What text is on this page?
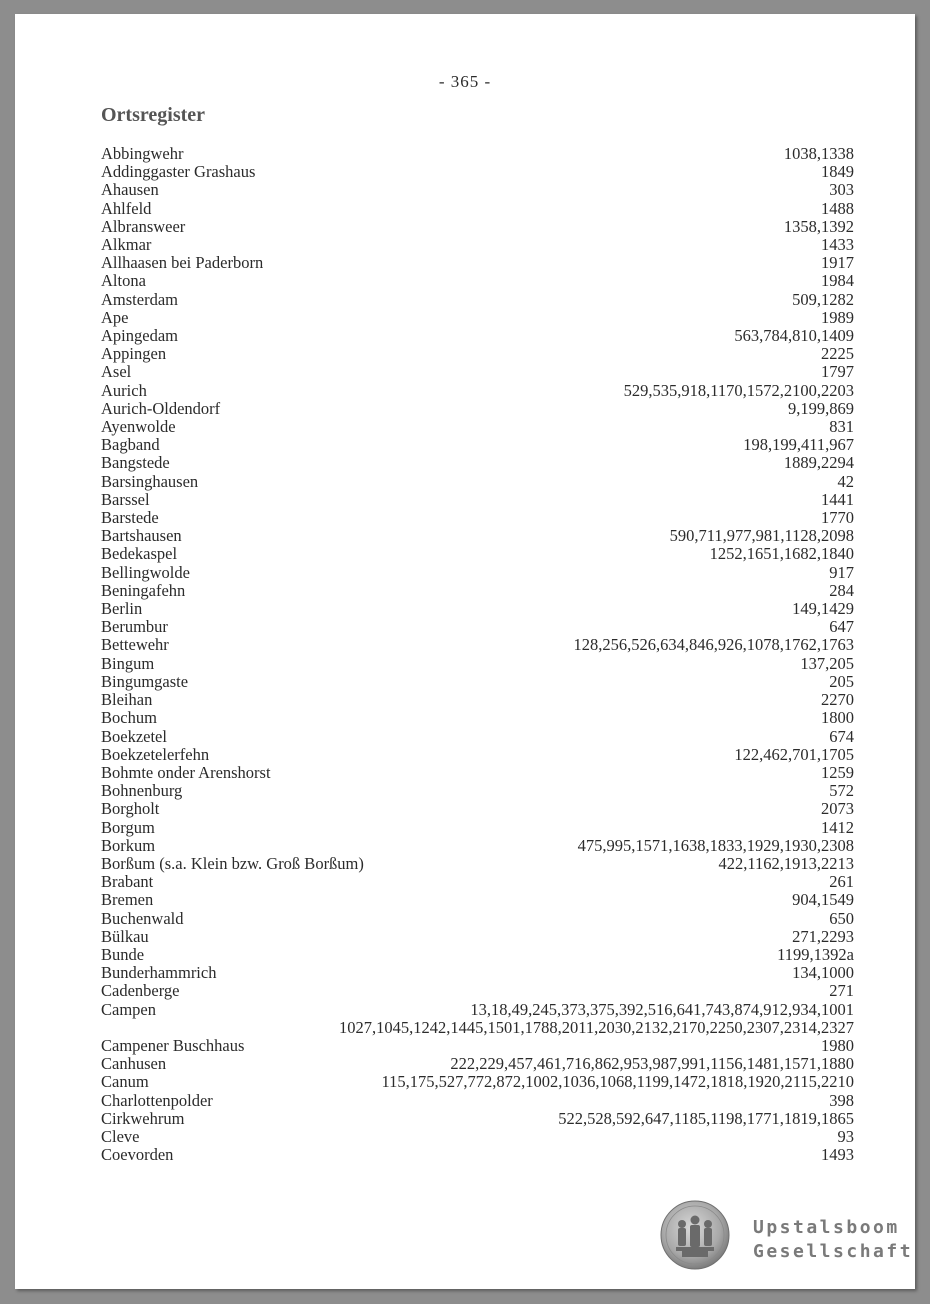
- 365 -
Ortsregister
Abbingwehr	1038,1338
Addinggaster Grashaus	1849
Ahausen	303
Ahlfeld	1488
Albransweer	1358,1392
Alkmar	1433
Allhaasen bei Paderborn	1917
Altona	1984
Amsterdam	509,1282
Ape	1989
Apingedam	563,784,810,1409
Appingen	2225
Asel	1797
Aurich	529,535,918,1170,1572,2100,2203
Aurich-Oldendorf	9,199,869
Ayenwolde	831
Bagband	198,199,411,967
Bangstede	1889,2294
Barsinghausen	42
Barssel	1441
Barstede	1770
Bartshausen	590,711,977,981,1128,2098
Bedekaspel	1252,1651,1682,1840
Bellingwolde	917
Beningafehn	284
Berlin	149,1429
Berumbur	647
Bettewehr	128,256,526,634,846,926,1078,1762,1763
Bingum	137,205
Bingumgaste	205
Bleihan	2270
Bochum	1800
Boekzetel	674
Boekzetelerfehn	122,462,701,1705
Bohmte onder Arenshorst	1259
Bohnenburg	572
Borgholt	2073
Borgum	1412
Borkum	475,995,1571,1638,1833,1929,1930,2308
Borßum (s.a. Klein bzw. Groß Borßum)	422,1162,1913,2213
Brabant	261
Bremen	904,1549
Buchenwald	650
Bülkau	271,2293
Bunde	1199,1392a
Bunderhammrich	134,1000
Cadenberge	271
Campen	13,18,49,245,373,375,392,516,641,743,874,912,934,1001
1027,1045,1242,1445,1501,1788,2011,2030,2132,2170,2250,2307,2314,2327
Campener Buschhaus	1980
Canhusen	222,229,457,461,716,862,953,987,991,1156,1481,1571,1880
Canum	115,175,527,772,872,1002,1036,1068,1199,1472,1818,1920,2115,2210
Charlottenpolder	398
Cirkwehrum	522,528,592,647,1185,1198,1771,1819,1865
Cleve	93
Coevorden	1493
Upstalsboom
Gesellschaft
